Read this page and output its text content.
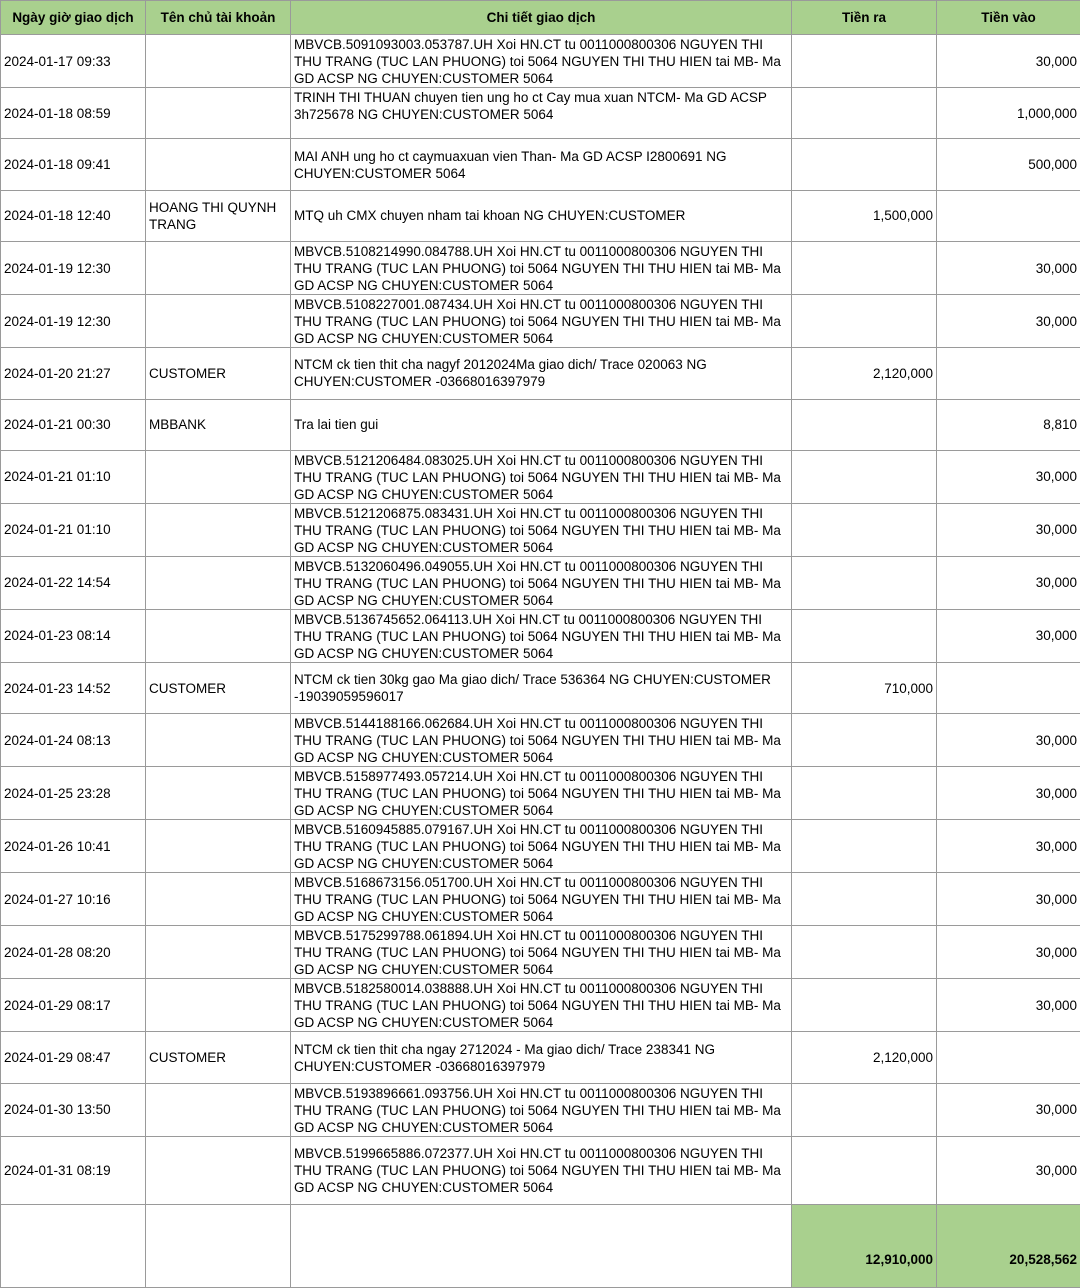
Ngày giờ giao dịch	Tên chủ tài khoản	Chi tiết giao dịch	Tiền ra	Tiền vào
2024-01-17 09:33		MBVCB.5091093003.053787.UH Xoi HN.CT tu 0011000800306 NGUYEN THI THU TRANG (TUC LAN PHUONG) toi 5064 NGUYEN THI THU HIEN tai MB- Ma GD ACSP NG CHUYEN:CUSTOMER 5064		30,000
2024-01-18 08:59		TRINH THI THUAN chuyen tien ung ho ct Cay mua xuan NTCM- Ma GD ACSP 3h725678 NG CHUYEN:CUSTOMER 5064		1,000,000
2024-01-18 09:41		MAI ANH ung ho ct caymuaxuan vien Than- Ma GD ACSP I2800691 NG CHUYEN:CUSTOMER 5064		500,000
2024-01-18 12:40	HOANG THI QUYNH TRANG	MTQ uh CMX chuyen nham tai khoan NG CHUYEN:CUSTOMER	1,500,000	
2024-01-19 12:30		MBVCB.5108214990.084788.UH Xoi HN.CT tu 0011000800306 NGUYEN THI THU TRANG (TUC LAN PHUONG) toi 5064 NGUYEN THI THU HIEN tai MB- Ma GD ACSP NG CHUYEN:CUSTOMER 5064		30,000
2024-01-19 12:30		MBVCB.5108227001.087434.UH Xoi HN.CT tu 0011000800306 NGUYEN THI THU TRANG (TUC LAN PHUONG) toi 5064 NGUYEN THI THU HIEN tai MB- Ma GD ACSP NG CHUYEN:CUSTOMER 5064		30,000
2024-01-20 21:27	CUSTOMER	NTCM ck tien thit cha nagyf 2012024Ma giao dich/ Trace 020063 NG CHUYEN:CUSTOMER -03668016397979	2,120,000	
2024-01-21 00:30	MBBANK	Tra lai tien gui		8,810
2024-01-21 01:10		MBVCB.5121206484.083025.UH Xoi HN.CT tu 0011000800306 NGUYEN THI THU TRANG (TUC LAN PHUONG) toi 5064 NGUYEN THI THU HIEN tai MB- Ma GD ACSP NG CHUYEN:CUSTOMER 5064		30,000
2024-01-21 01:10		MBVCB.5121206875.083431.UH Xoi HN.CT tu 0011000800306 NGUYEN THI THU TRANG (TUC LAN PHUONG) toi 5064 NGUYEN THI THU HIEN tai MB- Ma GD ACSP NG CHUYEN:CUSTOMER 5064		30,000
2024-01-22 14:54		MBVCB.5132060496.049055.UH Xoi HN.CT tu 0011000800306 NGUYEN THI THU TRANG (TUC LAN PHUONG) toi 5064 NGUYEN THI THU HIEN tai MB- Ma GD ACSP NG CHUYEN:CUSTOMER 5064		30,000
2024-01-23 08:14		MBVCB.5136745652.064113.UH Xoi HN.CT tu 0011000800306 NGUYEN THI THU TRANG (TUC LAN PHUONG) toi 5064 NGUYEN THI THU HIEN tai MB- Ma GD ACSP NG CHUYEN:CUSTOMER 5064		30,000
2024-01-23 14:52	CUSTOMER	NTCM ck tien 30kg gao Ma giao dich/ Trace 536364 NG CHUYEN:CUSTOMER -19039059596017	710,000	
2024-01-24 08:13		MBVCB.5144188166.062684.UH Xoi HN.CT tu 0011000800306 NGUYEN THI THU TRANG (TUC LAN PHUONG) toi 5064 NGUYEN THI THU HIEN tai MB- Ma GD ACSP NG CHUYEN:CUSTOMER 5064		30,000
2024-01-25 23:28		MBVCB.5158977493.057214.UH Xoi HN.CT tu 0011000800306 NGUYEN THI THU TRANG (TUC LAN PHUONG) toi 5064 NGUYEN THI THU HIEN tai MB- Ma GD ACSP NG CHUYEN:CUSTOMER 5064		30,000
2024-01-26 10:41		MBVCB.5160945885.079167.UH Xoi HN.CT tu 0011000800306 NGUYEN THI THU TRANG (TUC LAN PHUONG) toi 5064 NGUYEN THI THU HIEN tai MB- Ma GD ACSP NG CHUYEN:CUSTOMER 5064		30,000
2024-01-27 10:16		MBVCB.5168673156.051700.UH Xoi HN.CT tu 0011000800306 NGUYEN THI THU TRANG (TUC LAN PHUONG) toi 5064 NGUYEN THI THU HIEN tai MB- Ma GD ACSP NG CHUYEN:CUSTOMER 5064		30,000
2024-01-28 08:20		MBVCB.5175299788.061894.UH Xoi HN.CT tu 0011000800306 NGUYEN THI THU TRANG (TUC LAN PHUONG) toi 5064 NGUYEN THI THU HIEN tai MB- Ma GD ACSP NG CHUYEN:CUSTOMER 5064		30,000
2024-01-29 08:17		MBVCB.5182580014.038888.UH Xoi HN.CT tu 0011000800306 NGUYEN THI THU TRANG (TUC LAN PHUONG) toi 5064 NGUYEN THI THU HIEN tai MB- Ma GD ACSP NG CHUYEN:CUSTOMER 5064		30,000
2024-01-29 08:47	CUSTOMER	NTCM ck tien thit cha ngay 2712024 - Ma giao dich/ Trace 238341 NG CHUYEN:CUSTOMER -03668016397979	2,120,000	
2024-01-30 13:50		MBVCB.5193896661.093756.UH Xoi HN.CT tu 0011000800306 NGUYEN THI THU TRANG (TUC LAN PHUONG) toi 5064 NGUYEN THI THU HIEN tai MB- Ma GD ACSP NG CHUYEN:CUSTOMER 5064		30,000
2024-01-31 08:19		MBVCB.5199665886.072377.UH Xoi HN.CT tu 0011000800306 NGUYEN THI THU TRANG (TUC LAN PHUONG) toi 5064 NGUYEN THI THU HIEN tai MB- Ma GD ACSP NG CHUYEN:CUSTOMER 5064		30,000
			12,910,000	20,528,562
